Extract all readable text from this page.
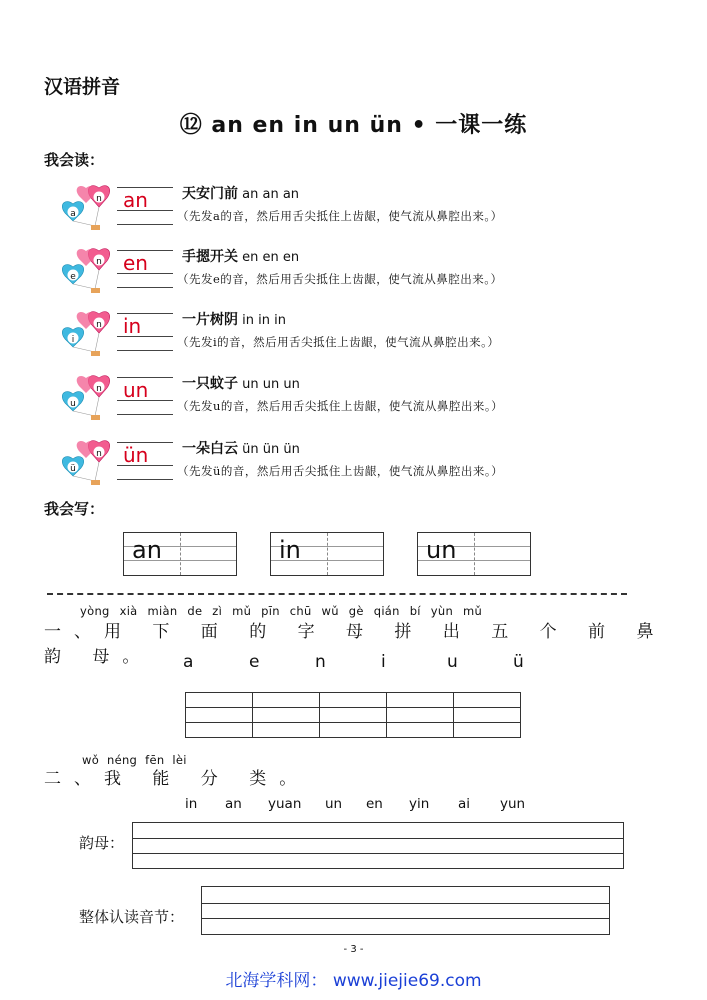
汉语拼音
⑫ an en in un ün • 一课一练
我会读：
n
a
an 天安门前 an an an
（先发a的音，然后用舌尖抵住上齿龈，使气流从鼻腔出来。）
n
e
en 手摁开关 en en en
（先发e的音，然后用舌尖抵住上齿龈，使气流从鼻腔出来。）
n
i
in	一片树阴 in in in
（先发i的音，然后用舌尖抵住上齿龈，使气流从鼻腔出来。）
n
u
un 一只蚊子 un un un
（先发u的音，然后用舌尖抵住上齿龈，使气流从鼻腔出来。）
n
ü
ün 一朵白云 ün ün ün
（先发ü的音，然后用舌尖抵住上齿龈，使气流从鼻腔出来。）
我会写：
an	in	un
yòng xià miàn de zì mǔ pīn chū wǔ gè qián bí yùn mǔ
一、用 下 面 的 字 母 拼 出 五 个 前 鼻 韵 母。	a	e	n	i	u	ü

wǒ néng fēn lèi
二、我 能 分 类。
in an yuan un en yin ai yun
韵母：
整体认读音节：
- 3 -
北海学科网： www.jiejie69.com
